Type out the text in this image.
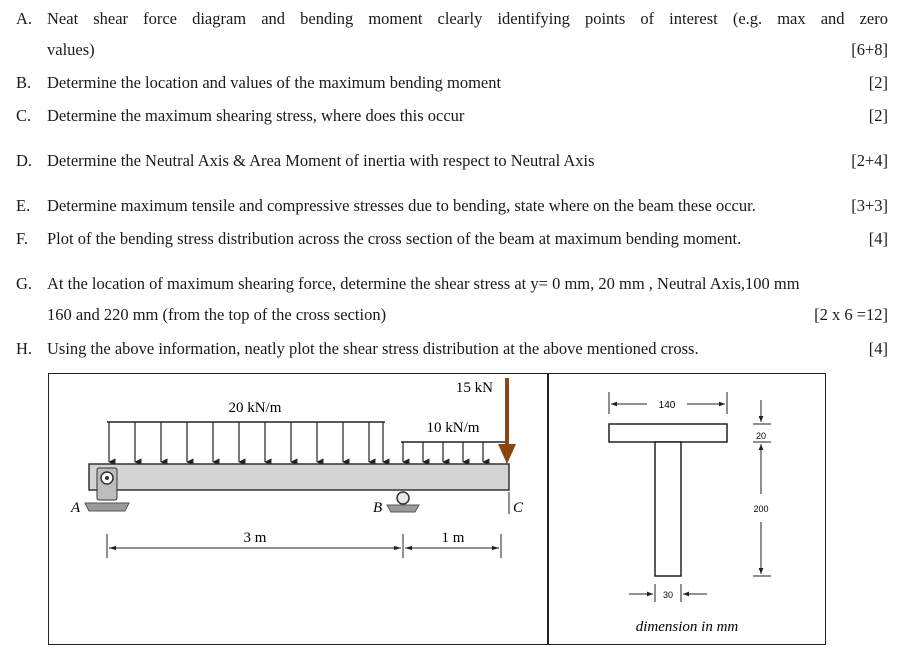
A. Neat shear force diagram and bending moment clearly identifying points of interest (e.g. max and zero
values)	[6+8]
B. Determine the location and values of the maximum bending moment	[2]
C. Determine the maximum shearing stress, where does this occur	[2]
D. Determine the Neutral Axis & Area Moment of inertia with respect to Neutral Axis	[2+4]
E. Determine maximum tensile and compressive stresses due to bending, state where on the beam these occur.	[3+3]
F. Plot of the bending stress distribution across the cross section of the beam at maximum bending moment.	[4]
G. At the location of maximum shearing force, determine the shear stress at y= 0 mm, 20 mm , Neutral Axis,100 mm
160 and 220 mm (from the top of the cross section)	[2 x 6 =12]
H. Using the above information, neatly plot the shear stress distribution at the above mentioned cross.	[4]
20 kN/m
10 kN/m
15 kN
A	B	C
3 m	1 m
140
20
200
30
dimension in mm
